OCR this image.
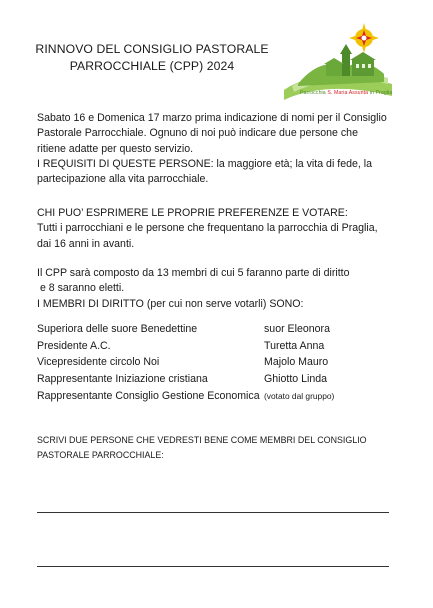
RINNOVO DEL CONSIGLIO PASTORALE
PARROCCHIALE (CPP) 2024
Parrocchia S. Maria Assunta in Praglia
Sabato 16 e Domenica 17 marzo prima indicazione di nomi per il Consiglio
Pastorale Parrocchiale. Ognuno di noi può indicare due persone che
ritiene adatte per questo servizio.
I REQUISITI DI QUESTE PERSONE: la maggiore età; la vita di fede, la
partecipazione alla vita parrocchiale.
CHI PUO’ ESPRIMERE LE PROPRIE PREFERENZE E VOTARE:
Tutti i parrocchiani e le persone che frequentano la parrocchia di Praglia,
dai 16 anni in avanti.
Il CPP sarà composto da 13 membri di cui 5 faranno parte di diritto
e 8 saranno eletti.
I MEMBRI DI DIRITTO (per cui non serve votarli) SONO:
Superiora delle suore Benedettine	suor Eleonora
Presidente A.C.	Turetta Anna
Vicepresidente circolo Noi	Majolo Mauro
Rappresentante Iniziazione cristiana	Ghiotto Linda
Rappresentante Consiglio Gestione Economica (votato dal gruppo)
SCRIVI DUE PERSONE CHE VEDRESTI BENE COME MEMBRI DEL CONSIGLIO
PASTORALE PARROCCHIALE:
